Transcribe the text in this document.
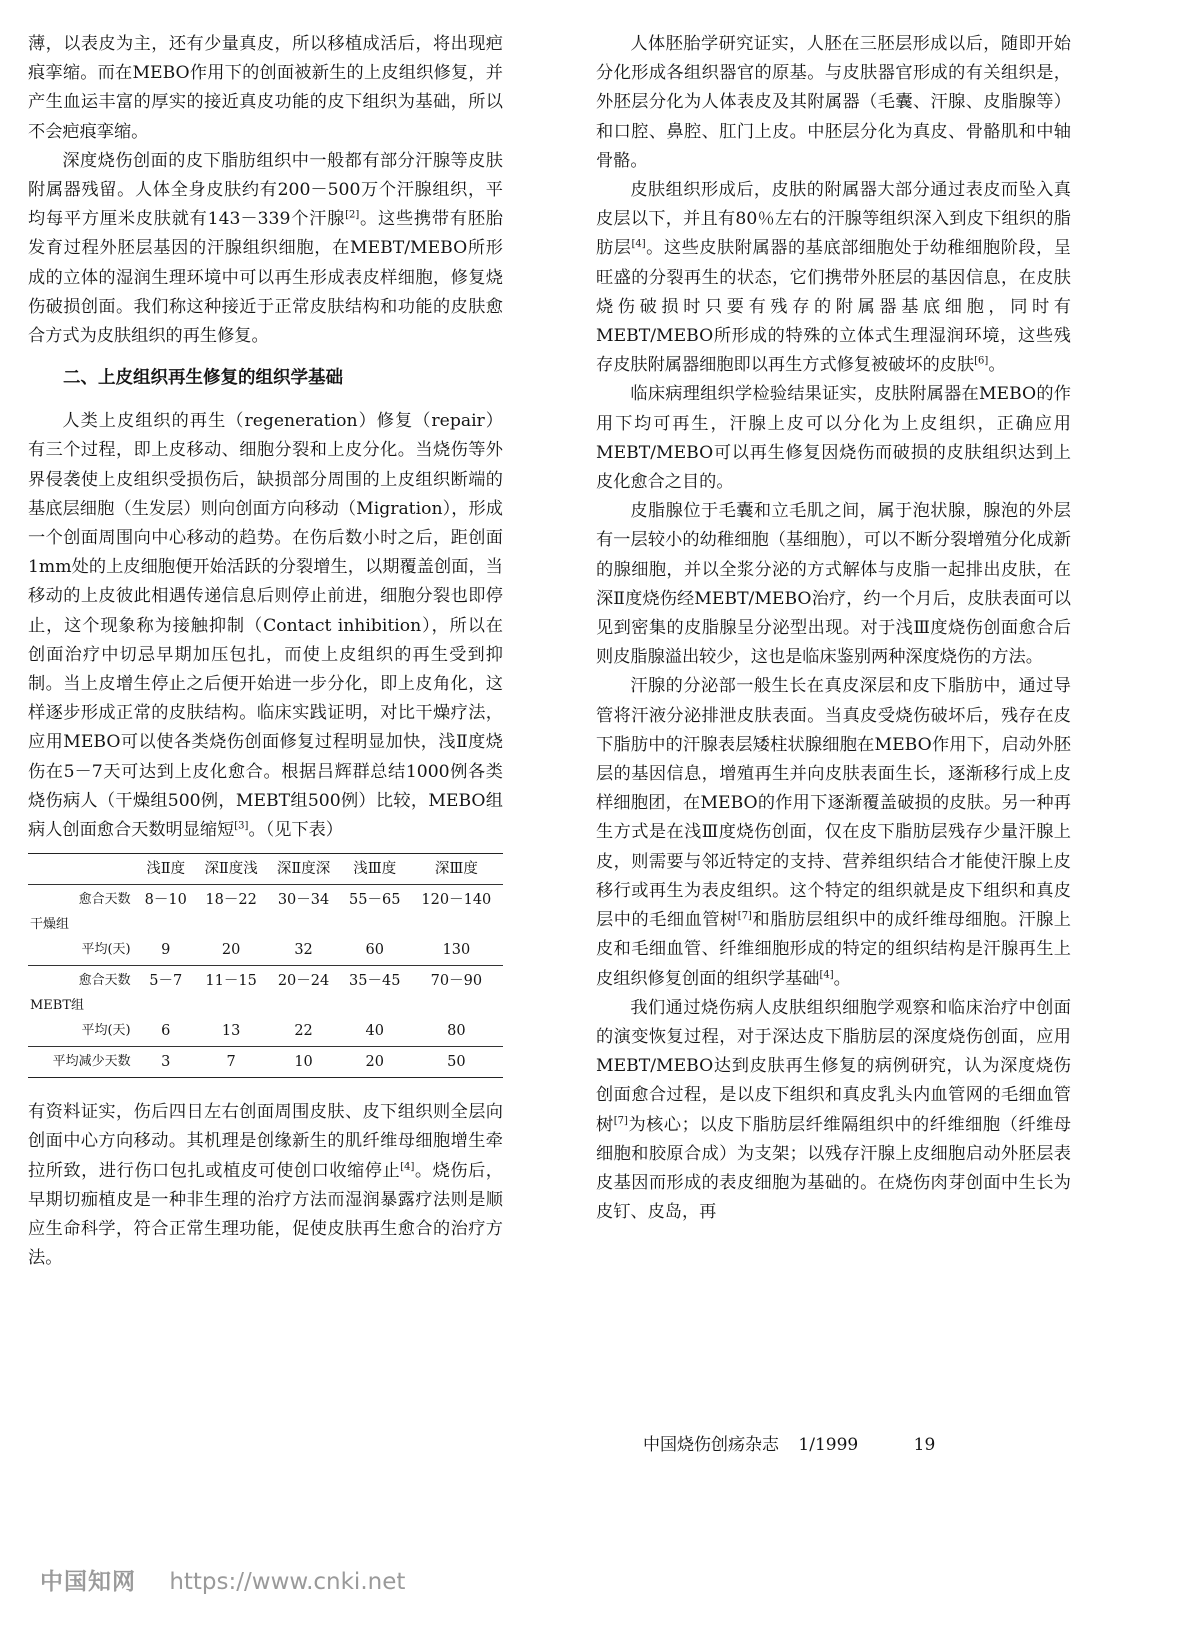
薄，以表皮为主，还有少量真皮，所以移植成活后，将出现疤痕挛缩。而在MEBO作用下的创面被新生的上皮组织修复，并产生血运丰富的厚实的接近真皮功能的皮下组织为基础，所以不会疤痕挛缩。

深度烧伤创面的皮下脂肪组织中一般都有部分汗腺等皮肤附属器残留。人体全身皮肤约有200－500万个汗腺组织，平均每平方厘米皮肤就有143－339个汗腺[2]。这些携带有胚胎发育过程外胚层基因的汗腺组织细胞，在MEBT/MEBO所形成的立体的湿润生理环境中可以再生形成表皮样细胞，修复烧伤破损创面。我们称这种接近于正常皮肤结构和功能的皮肤愈合方式为皮肤组织的再生修复。

二、上皮组织再生修复的组织学基础

人类上皮组织的再生（regeneration）修复（repair）有三个过程，即上皮移动、细胞分裂和上皮分化。当烧伤等外界侵袭使上皮组织受损伤后，缺损部分周围的上皮组织断端的基底层细胞（生发层）则向创面方向移动（Migration），形成一个创面周围向中心移动的趋势。在伤后数小时之后，距创面1mm处的上皮细胞便开始活跃的分裂增生，以期覆盖创面，当移动的上皮彼此相遇传递信息后则停止前进，细胞分裂也即停止，这个现象称为接触抑制（Contact inhibition），所以在创面治疗中切忌早期加压包扎，而使上皮组织的再生受到抑制。当上皮增生停止之后便开始进一步分化，即上皮角化，这样逐步形成正常的皮肤结构。临床实践证明，对比干燥疗法，应用MEBO可以使各类烧伤创面修复过程明显加快，浅Ⅱ度烧伤在5－7天可达到上皮化愈合。根据吕辉群总结1000例各类烧伤病人（干燥组500例，MEBT组500例）比较，MEBO组病人创面愈合天数明显缩短[3]。（见下表）

	浅Ⅱ度	深Ⅱ度浅	深Ⅱ度深	浅Ⅲ度	深Ⅲ度
愈合天数	8－10	18－22	30－34	55－65	120－140
干燥组					
平均(天)	9	20	32	60	130
愈合天数	5－7	11－15	20－24	35－45	70－90
MEBT组					
平均(天)	6	13	22	40	80
平均减少天数	3	7	10	20	50

有资料证实，伤后四日左右创面周围皮肤、皮下组织则全层向创面中心方向移动。其机理是创缘新生的肌纤维母细胞增生牵拉所致，进行伤口包扎或植皮可使创口收缩停止[4]。烧伤后，早期切痂植皮是一种非生理的治疗方法而湿润暴露疗法则是顺应生命科学，符合正常生理功能，促使皮肤再生愈合的治疗方法。

人体胚胎学研究证实，人胚在三胚层形成以后，随即开始分化形成各组织器官的原基。与皮肤器官形成的有关组织是，外胚层分化为人体表皮及其附属器（毛囊、汗腺、皮脂腺等）和口腔、鼻腔、肛门上皮。中胚层分化为真皮、骨骼肌和中轴骨骼。

皮肤组织形成后，皮肤的附属器大部分通过表皮而坠入真皮层以下，并且有80％左右的汗腺等组织深入到皮下组织的脂肪层[4]。这些皮肤附属器的基底部细胞处于幼稚细胞阶段，呈旺盛的分裂再生的状态，它们携带外胚层的基因信息，在皮肤烧伤破损时只要有残存的附属器基底细胞，同时有MEBT/MEBO所形成的特殊的立体式生理湿润环境，这些残存皮肤附属器细胞即以再生方式修复被破坏的皮肤[6]。

临床病理组织学检验结果证实，皮肤附属器在MEBO的作用下均可再生，汗腺上皮可以分化为上皮组织，正确应用MEBT/MEBO可以再生修复因烧伤而破损的皮肤组织达到上皮化愈合之目的。

皮脂腺位于毛囊和立毛肌之间，属于泡状腺，腺泡的外层有一层较小的幼稚细胞（基细胞），可以不断分裂增殖分化成新的腺细胞，并以全浆分泌的方式解体与皮脂一起排出皮肤，在深Ⅱ度烧伤经MEBT/MEBO治疗，约一个月后，皮肤表面可以见到密集的皮脂腺呈分泌型出现。对于浅Ⅲ度烧伤创面愈合后则皮脂腺溢出较少，这也是临床鉴别两种深度烧伤的方法。

汗腺的分泌部一般生长在真皮深层和皮下脂肪中，通过导管将汗液分泌排泄皮肤表面。当真皮受烧伤破坏后，残存在皮下脂肪中的汗腺表层矮柱状腺细胞在MEBO作用下，启动外胚层的基因信息，增殖再生并向皮肤表面生长，逐渐移行成上皮样细胞团，在MEBO的作用下逐渐覆盖破损的皮肤。另一种再生方式是在浅Ⅲ度烧伤创面，仅在皮下脂肪层残存少量汗腺上皮，则需要与邻近特定的支持、营养组织结合才能使汗腺上皮移行或再生为表皮组织。这个特定的组织就是皮下组织和真皮层中的毛细血管树[7]和脂肪层组织中的成纤维母细胞。汗腺上皮和毛细血管、纤维细胞形成的特定的组织结构是汗腺再生上皮组织修复创面的组织学基础[4]。

我们通过烧伤病人皮肤组织细胞学观察和临床治疗中创面的演变恢复过程，对于深达皮下脂肪层的深度烧伤创面，应用MEBT/MEBO达到皮肤再生修复的病例研究，认为深度烧伤创面愈合过程，是以皮下组织和真皮乳头内血管网的毛细血管树[7]为核心；以皮下脂肪层纤维隔组织中的纤维细胞（纤维母细胞和胶原合成）为支架；以残存汗腺上皮细胞启动外胚层表皮基因而形成的表皮细胞为基础的。在烧伤肉芽创面中生长为皮钉、皮岛，再

中国烧伤创疡杂志 1/1999	19
中国知网 https://www.cnki.net
